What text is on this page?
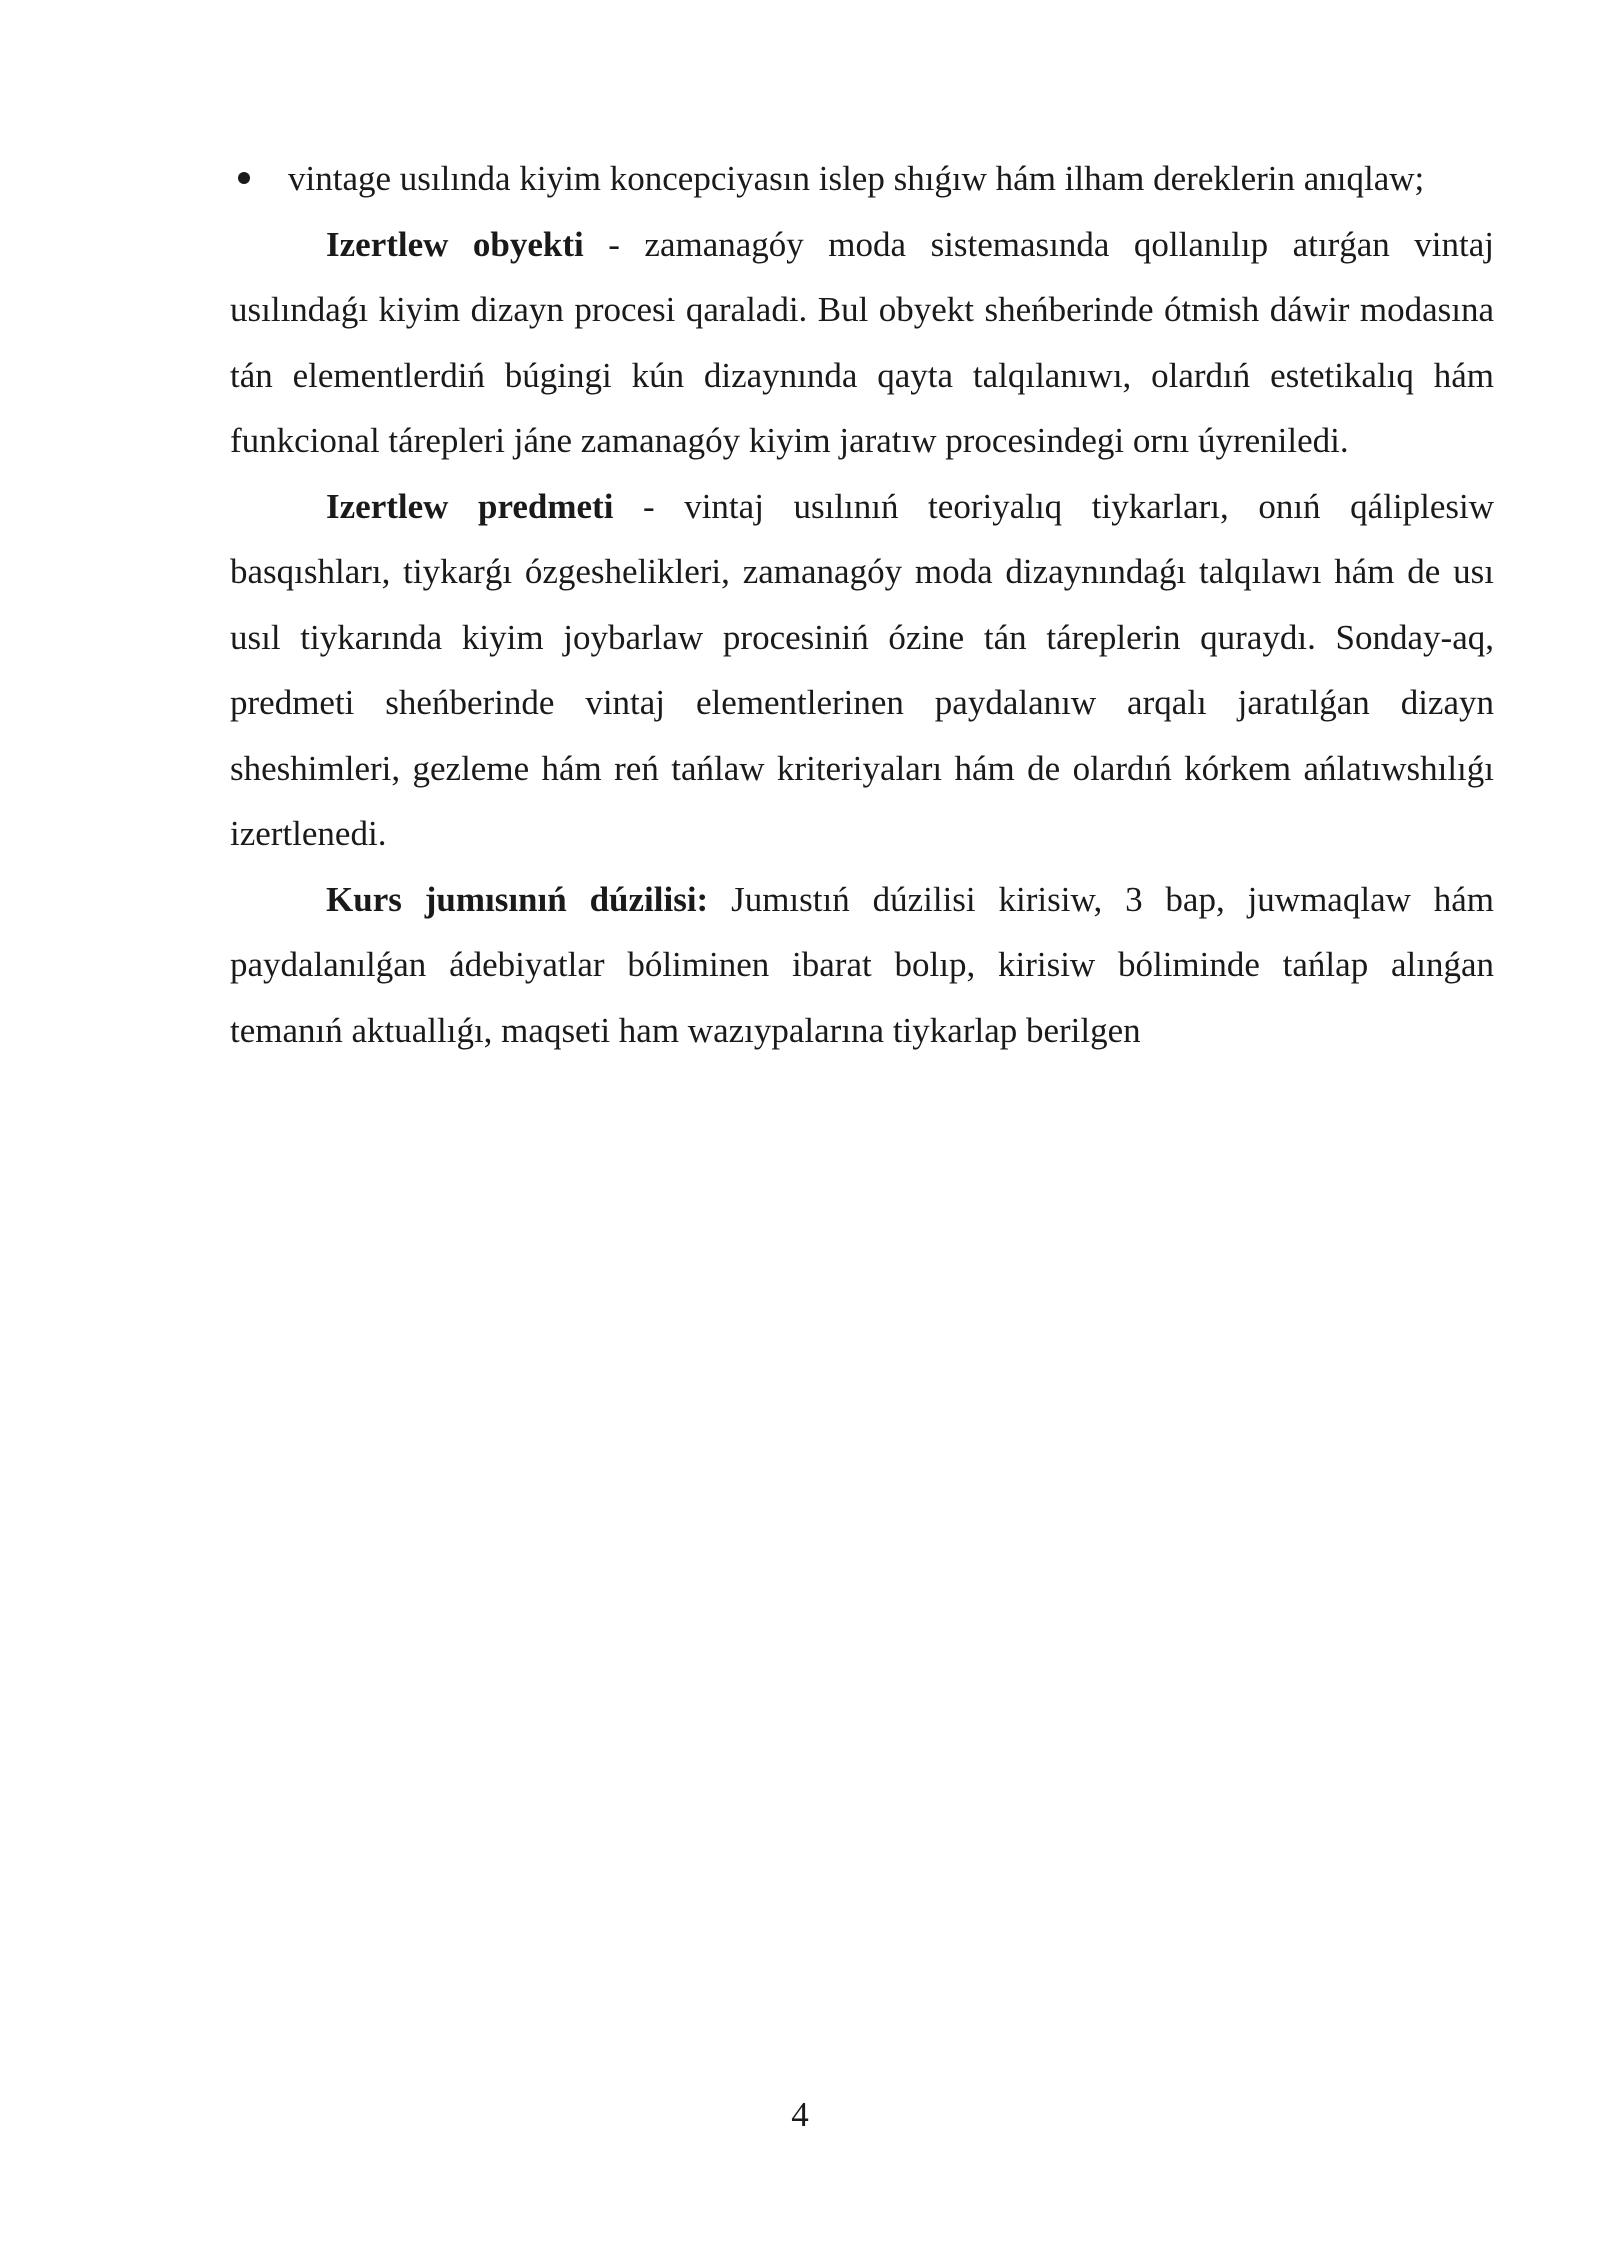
vintage usılında kiyim koncepciyasın islep shıǵıw hám ilham dereklerin anıqlaw;

Izertlew obyekti - zamanagóy moda sistemasında qollanılıp atırǵan vintaj usılındaǵı kiyim dizayn procesi qaraladi. Bul obyekt sheńberinde ótmish dáwir modasına tán elementlerdiń búgingi kún dizaynında qayta talqılanıwı, olardıń estetikalıq hám funkcional tárepleri jáne zamanagóy kiyim jaratıw procesindegi ornı úyreniledi.

Izertlew predmeti - vintaj usılınıń teoriyalıq tiykarları, onıń qáliplesiw basqıshları, tiykarǵı ózgeshelikleri, zamanagóy moda dizaynındaǵı talqılawı hám de usı usıl tiykarında kiyim joybarlaw procesiniń ózine tán táreplerin quraydı. Sonday-aq, predmeti sheńberinde vintaj elementlerinen paydalanıw arqalı jaratılǵan dizayn sheshimleri, gezleme hám reń tańlaw kriteriyaları hám de olardıń kórkem ańlatıwshılıǵı izertlenedi.

Kurs jumısınıń dúzilisi: Jumıstıń dúzilisi kirisiw, 3 bap, juwmaqlaw hám paydalanılǵan ádebiyatlar bóliminen ibarat bolıp, kirisiw bóliminde tańlap alınǵan temanıń aktuallıǵı, maqseti ham wazıypalarına tiykarlap berilgen

4
